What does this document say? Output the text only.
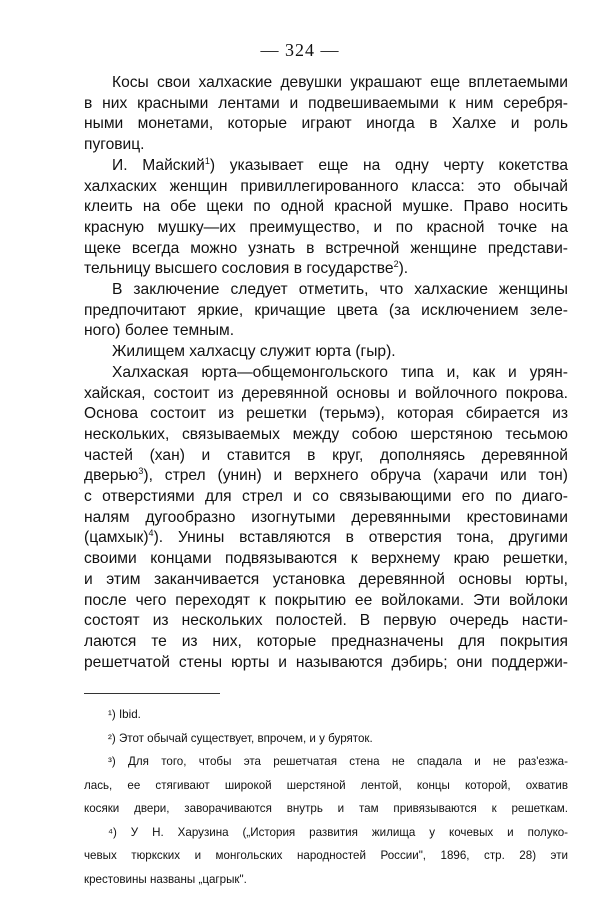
— 324 —
Косы свои халхаские девушки украшают еще вплетаемыми
в них красными лентами и подвешиваемыми к ним серебря-
ными монетами, которые играют иногда в Халхе и роль
пуговиц.
И. Майский$^1$) указывает еще на одну черту кокетства
халхаских женщин привиллегированного класса: это обычай
клеить на обе щеки по одной красной мушке. Право носить
красную мушку—их преимущество, и по красной точке на
щеке всегда можно узнать в встречной женщине представи-
тельницу высшего сословия в государстве$^2$).
В заключение следует отметить, что халхаские женщины
предпочитают яркие, кричащие цвета (за исключением зеле-
ного) более темным.
Жилищем халхасцу служит юрта (гыр).
Халхаская юрта—общемонгольского типа и, как и урян-
хайская, состоит из деревянной основы и войлочного покрова.
Основа состоит из решетки (терьмэ), которая сбирается из
нескольких, связываемых между собою шерстяною тесьмою
частей (хан) и ставится в круг, дополняясь деревянной
дверью$^3$), стрел (унин) и верхнего обруча (харачи или тон)
с отверстиями для стрел и со связывающими его по диаго-
налям дугообразно изогнутыми деревянными крестовинами
(цамхык)$^4$). Унины вставляются в отверстия тона, другими
своими концами подвязываются к верхнему краю решетки,
и этим заканчивается установка деревянной основы юрты,
после чего переходят к покрытию ее войлоками. Эти войлоки
состоят из нескольких полостей. В первую очередь насти-
лаются те из них, которые предназначены для покрытия
решетчатой стены юрты и называются дэбирь; они поддержи-
¹) Ibid.
²) Этот обычай существует, впрочем, и у буряток.
³) Для того, чтобы эта решетчатая стена не спадала и не раз'езжа-
лась, ее стягивают широкой шерстяной лентой, концы которой, охватив
косяки двери, заворачиваются внутрь и там привязываются к решеткам.
⁴) У Н. Харузина („История развития жилища у кочевых и полукo-
чевых тюркских и монгольских народностей России", 1896, стр. 28) эти
крестовины названы „цагрык".
